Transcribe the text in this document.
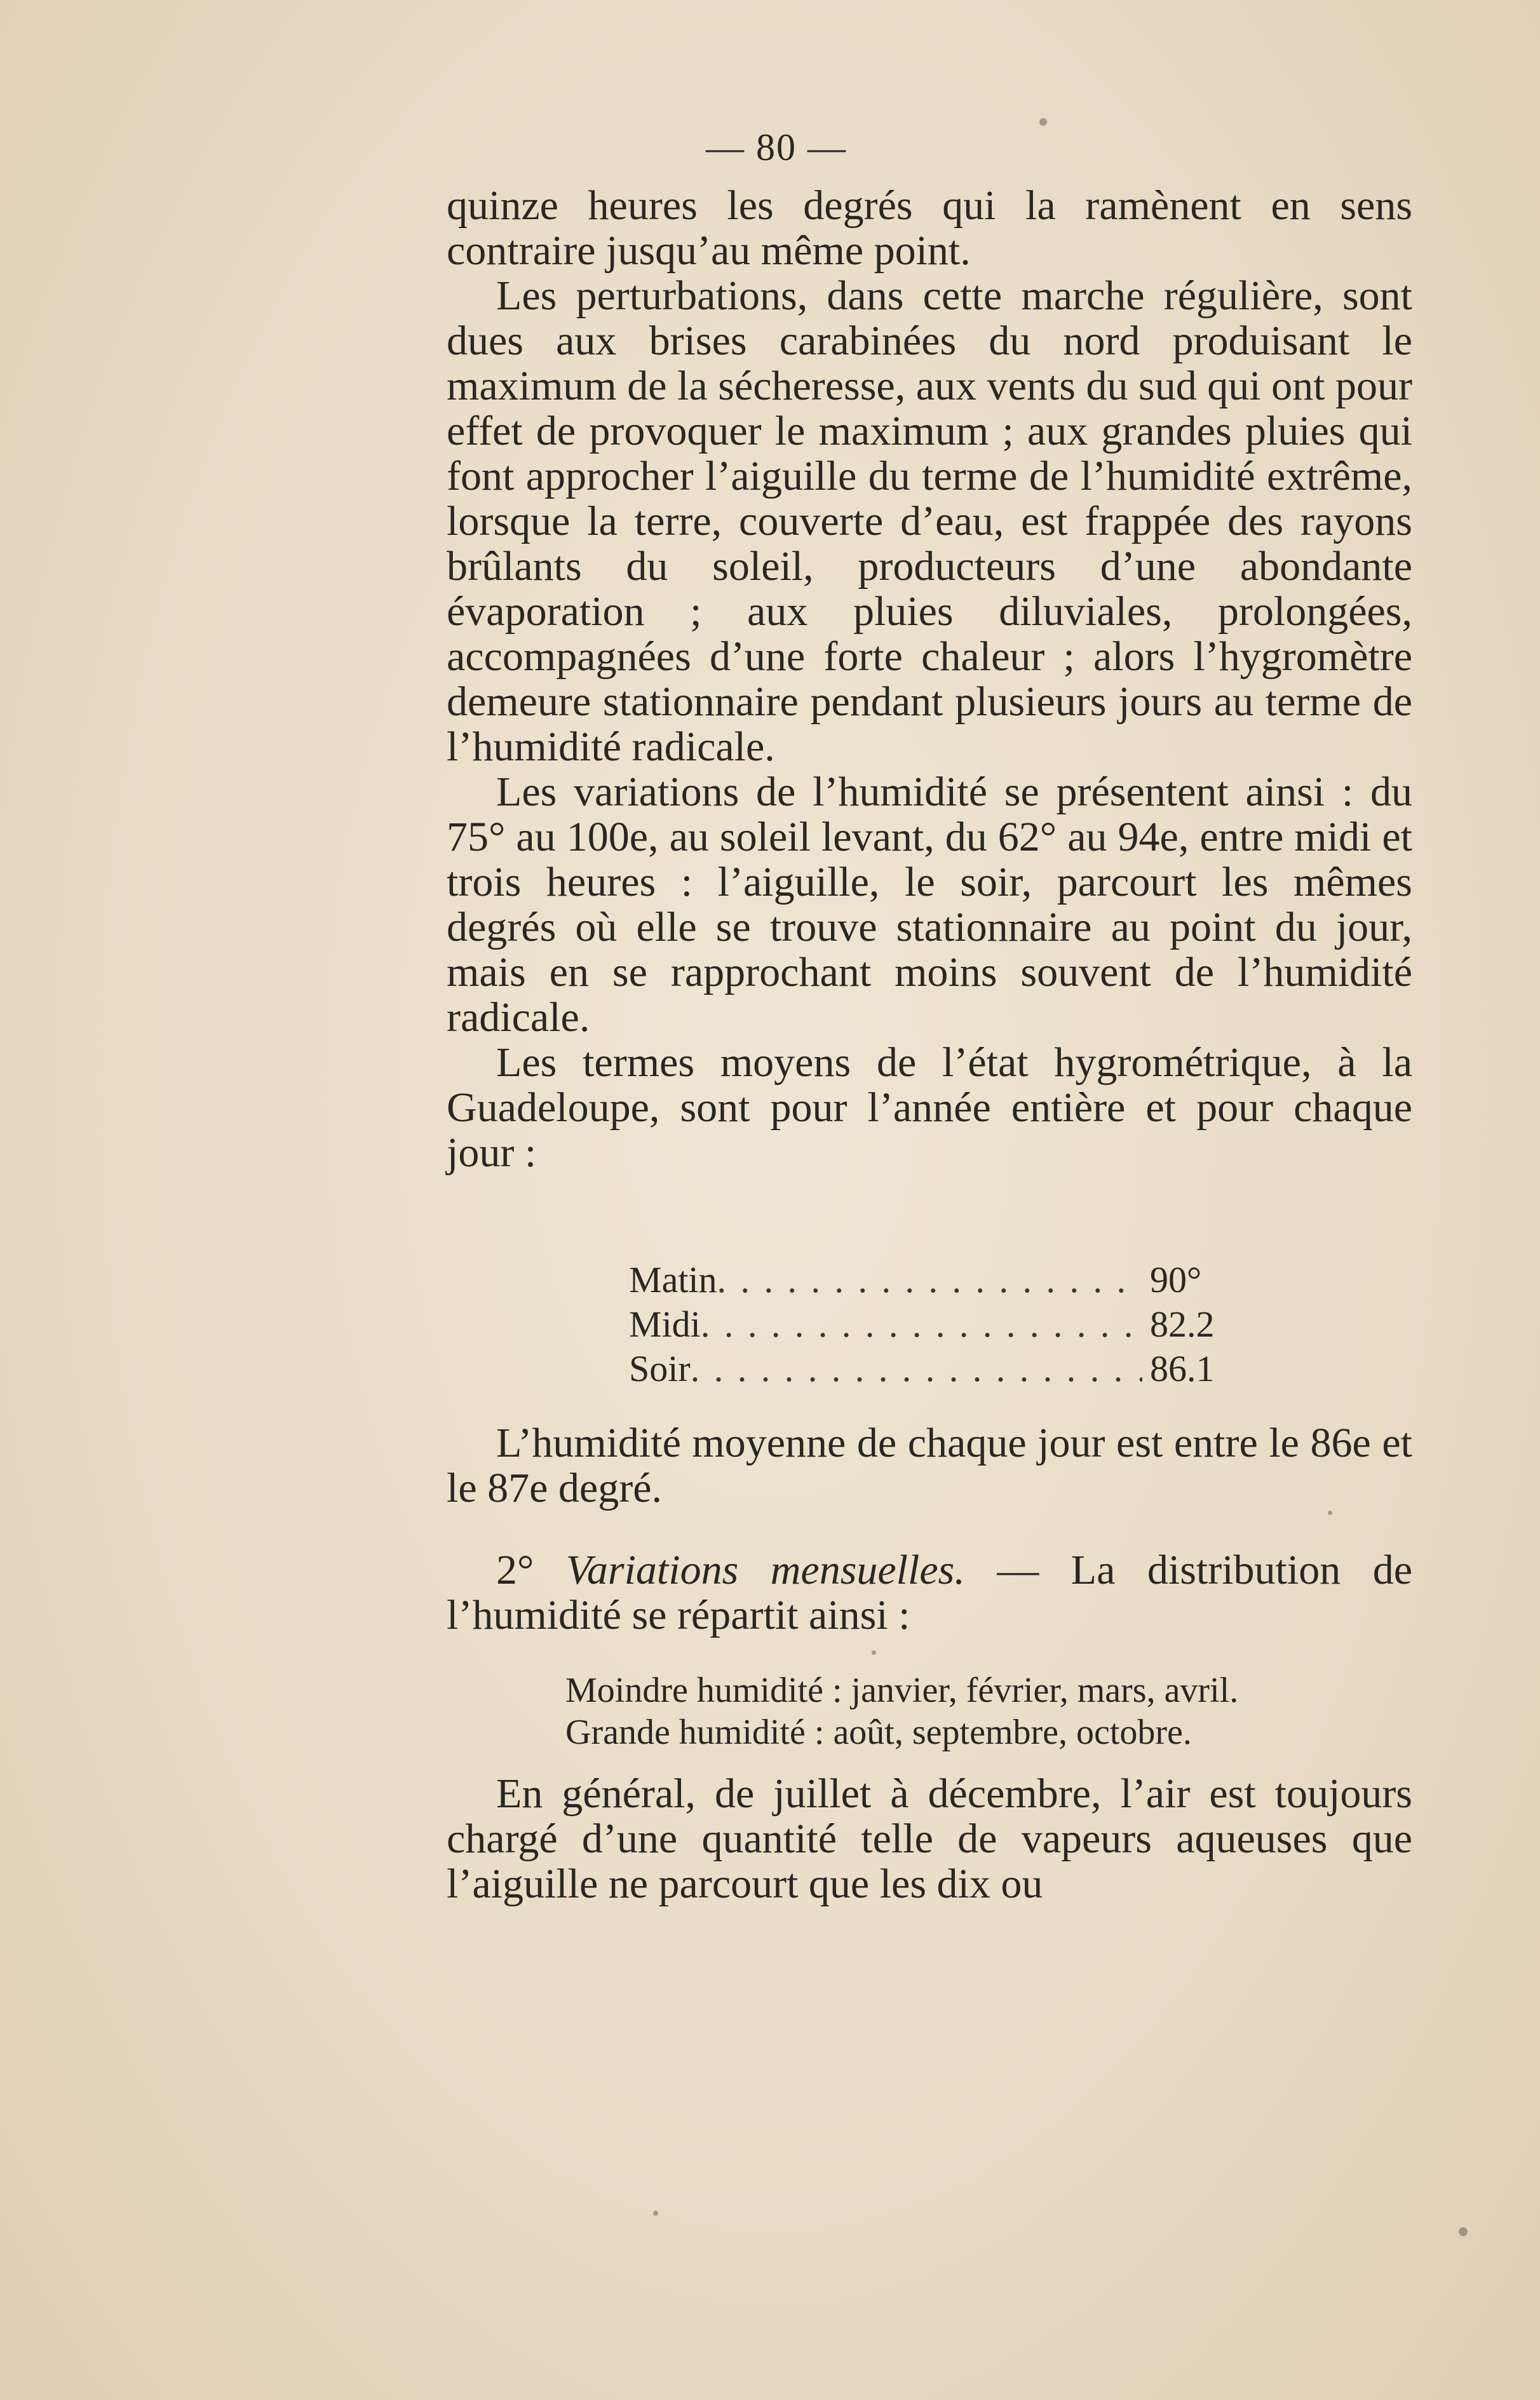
— 80 —

quinze heures les degrés qui la ramènent en sens contraire jusqu’au même point.

Les perturbations, dans cette marche régulière, sont dues aux brises carabinées du nord produisant le maximum de la sécheresse, aux vents du sud qui ont pour effet de provoquer le maximum ; aux grandes pluies qui font approcher l’aiguille du terme de l’humidité extrême, lorsque la terre, couverte d’eau, est frappée des rayons brûlants du soleil, producteurs d’une abondante évaporation ; aux pluies diluviales, prolongées, accompagnées d’une forte chaleur ; alors l’hygromètre demeure stationnaire pendant plusieurs jours au terme de l’humidité radicale.

Les variations de l’humidité se présentent ainsi : du 75° au 100e, au soleil levant, du 62° au 94e, entre midi et trois heures : l’aiguille, le soir, parcourt les mêmes degrés où elle se trouve stationnaire au point du jour, mais en se rapprochant moins souvent de l’humidité radicale.

Les termes moyens de l’état hygrométrique, à la Guadeloupe, sont pour l’année entière et pour chaque jour :

Matin . . .	90°
Midi . . .	82.2
Soir . . .	86.1

L’humidité moyenne de chaque jour est entre le 86e et le 87e degré.

2° Variations mensuelles. — La distribution de l’humidité se répartit ainsi :

Moindre humidité : janvier, février, mars, avril.

Grande humidité : août, septembre, octobre.

En général, de juillet à décembre, l’air est toujours chargé d’une quantité telle de vapeurs aqueuses que l’aiguille ne parcourt que les dix ou
